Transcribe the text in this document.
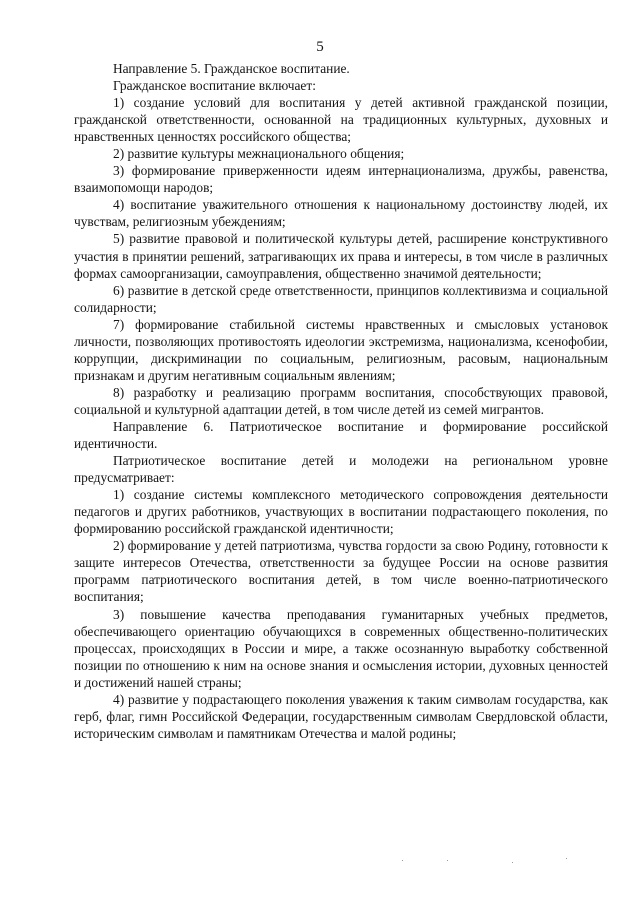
5

Направление 5. Гражданское воспитание.

Гражданское воспитание включает:

1) создание условий для воспитания у детей активной гражданской позиции, гражданской ответственности, основанной на традиционных культурных, духовных и нравственных ценностях российского общества;

2) развитие культуры межнационального общения;

3) формирование приверженности идеям интернационализма, дружбы, равенства, взаимопомощи народов;

4) воспитание уважительного отношения к национальному достоинству людей, их чувствам, религиозным убеждениям;

5) развитие правовой и политической культуры детей, расширение конструктивного участия в принятии решений, затрагивающих их права и интересы, в том числе в различных формах самоорганизации, самоуправления, общественно значимой деятельности;

6) развитие в детской среде ответственности, принципов коллективизма и социальной солидарности;

7) формирование стабильной системы нравственных и смысловых установок личности, позволяющих противостоять идеологии экстремизма, национализма, ксенофобии, коррупции, дискриминации по социальным, религиозным, расовым, национальным признакам и другим негативным социальным явлениям;

8) разработку и реализацию программ воспитания, способствующих правовой, социальной и культурной адаптации детей, в том числе детей из семей мигрантов.

Направление 6. Патриотическое воспитание и формирование российской идентичности.

Патриотическое воспитание детей и молодежи на региональном уровне предусматривает:

1) создание системы комплексного методического сопровождения деятельности педагогов и других работников, участвующих в воспитании подрастающего поколения, по формированию российской гражданской идентичности;

2) формирование у детей патриотизма, чувства гордости за свою Родину, готовности к защите интересов Отечества, ответственности за будущее России на основе развития программ патриотического воспитания детей, в том числе военно-патриотического воспитания;

3) повышение качества преподавания гуманитарных учебных предметов, обеспечивающего ориентацию обучающихся в современных общественно-политических процессах, происходящих в России и мире, а также осознанную выработку собственной позиции по отношению к ним на основе знания и осмысления истории, духовных ценностей и достижений нашей страны;

4) развитие у подрастающего поколения уважения к таким символам государства, как герб, флаг, гимн Российской Федерации, государственным символам Свердловской области, историческим символам и памятникам Отечества и малой родины;
